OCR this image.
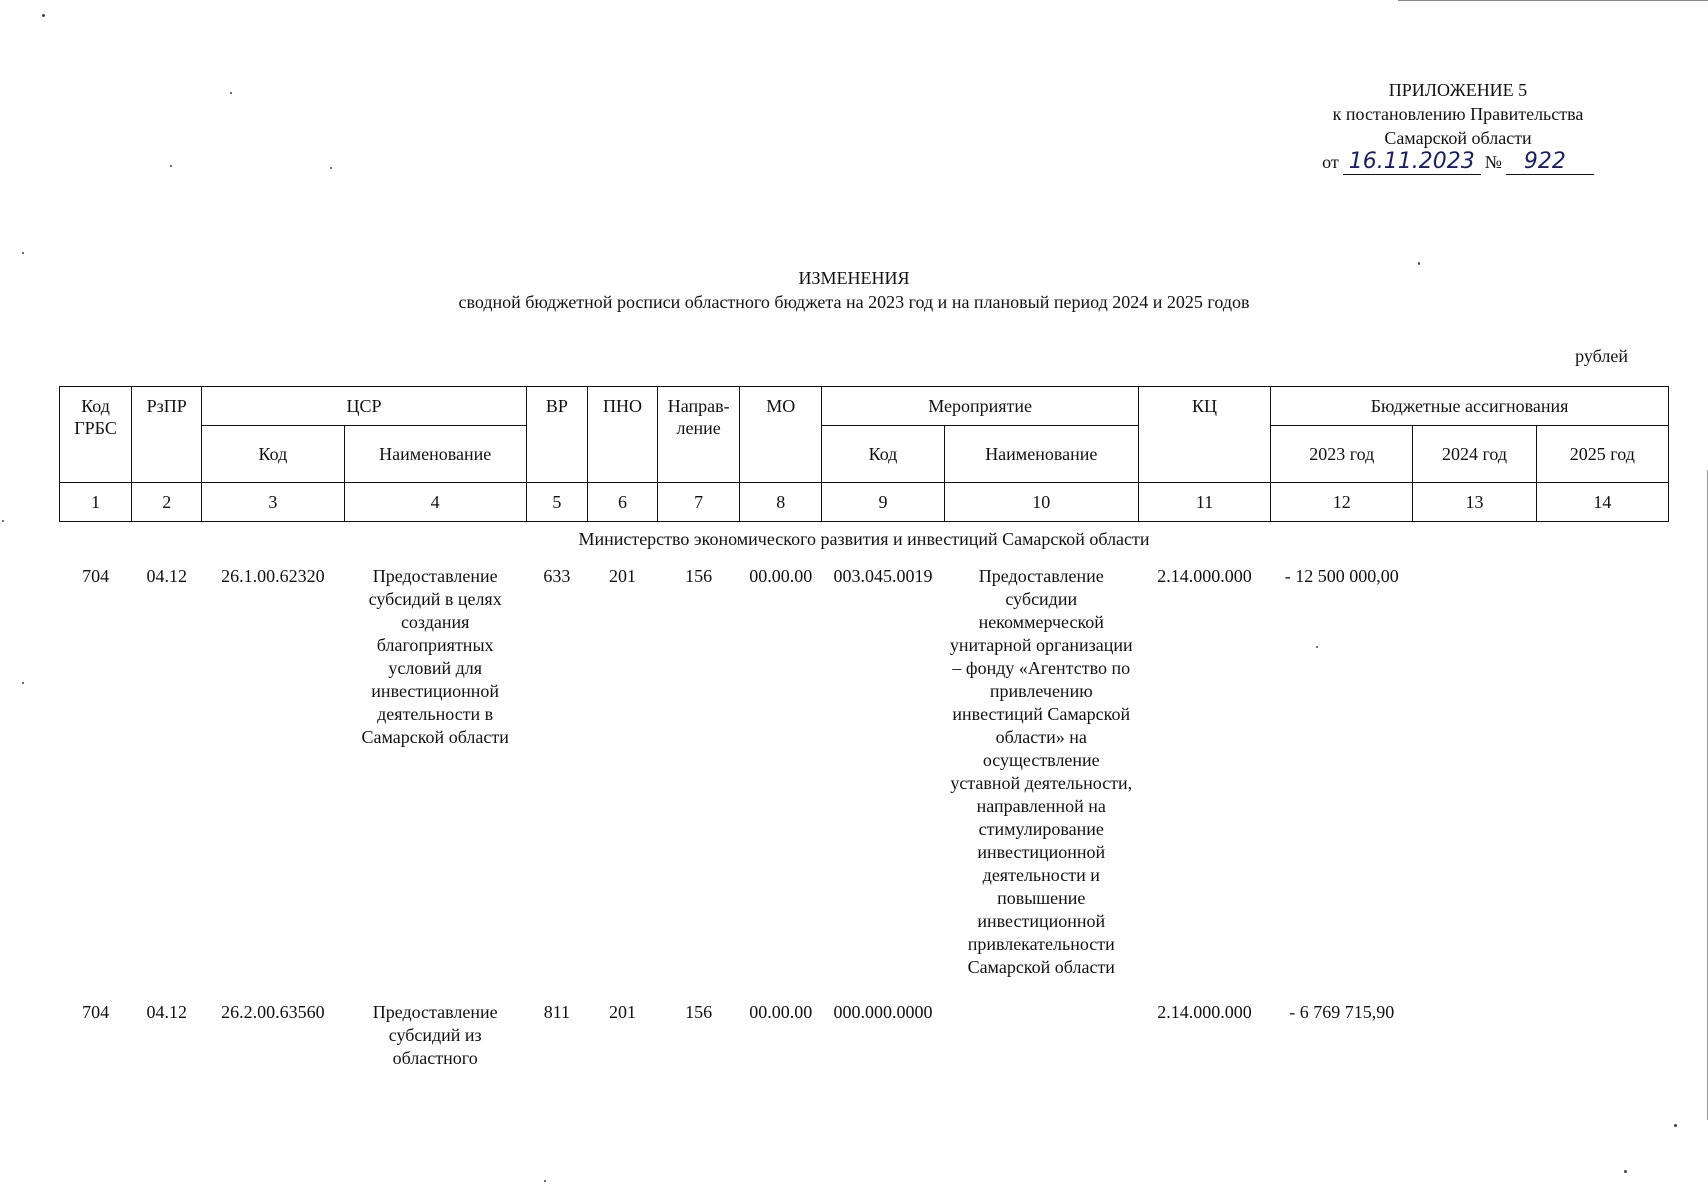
ПРИЛОЖЕНИЕ 5
к постановлению Правительства
Самарской области
от 16.11.2023 №	922
ИЗМЕНЕНИЯ
сводной бюджетной росписи областного бюджета на 2023 год и на плановый период 2024 и 2025 годов
рублей
Код ГРБС	РзПР	ЦСР		ВР	ПНО	Направ- ление	МО	Мероприятие		КЦ	Бюджетные ассигнования		
		Код	Наименование					Код	Наименование		2023 год	2024 год	2025 год
1	2	3	4	5	6	7	8	9	10	11	12	13	14
Министерство экономического развития и инвестиций Самарской области													
704	04.12	26.1.00.62320	Предоставление субсидий в целях создания благоприятных условий для инвестиционной деятельности в Самарской области	633	201	156	00.00.00	003.045.0019	Предоставление субсидии некоммерческой унитарной организации – фонду «Агентство по привлечению инвестиций Самарской области» на осуществление уставной деятельности, направленной на стимулирование инвестиционной деятельности и повышение инвестиционной привлекательности Самарской области	2.14.000.000	- 12 500 000,00		
704	04.12	26.2.00.63560	Предоставление субсидий из областного	811	201	156	00.00.00	000.000.0000		2.14.000.000	- 6 769 715,90		
